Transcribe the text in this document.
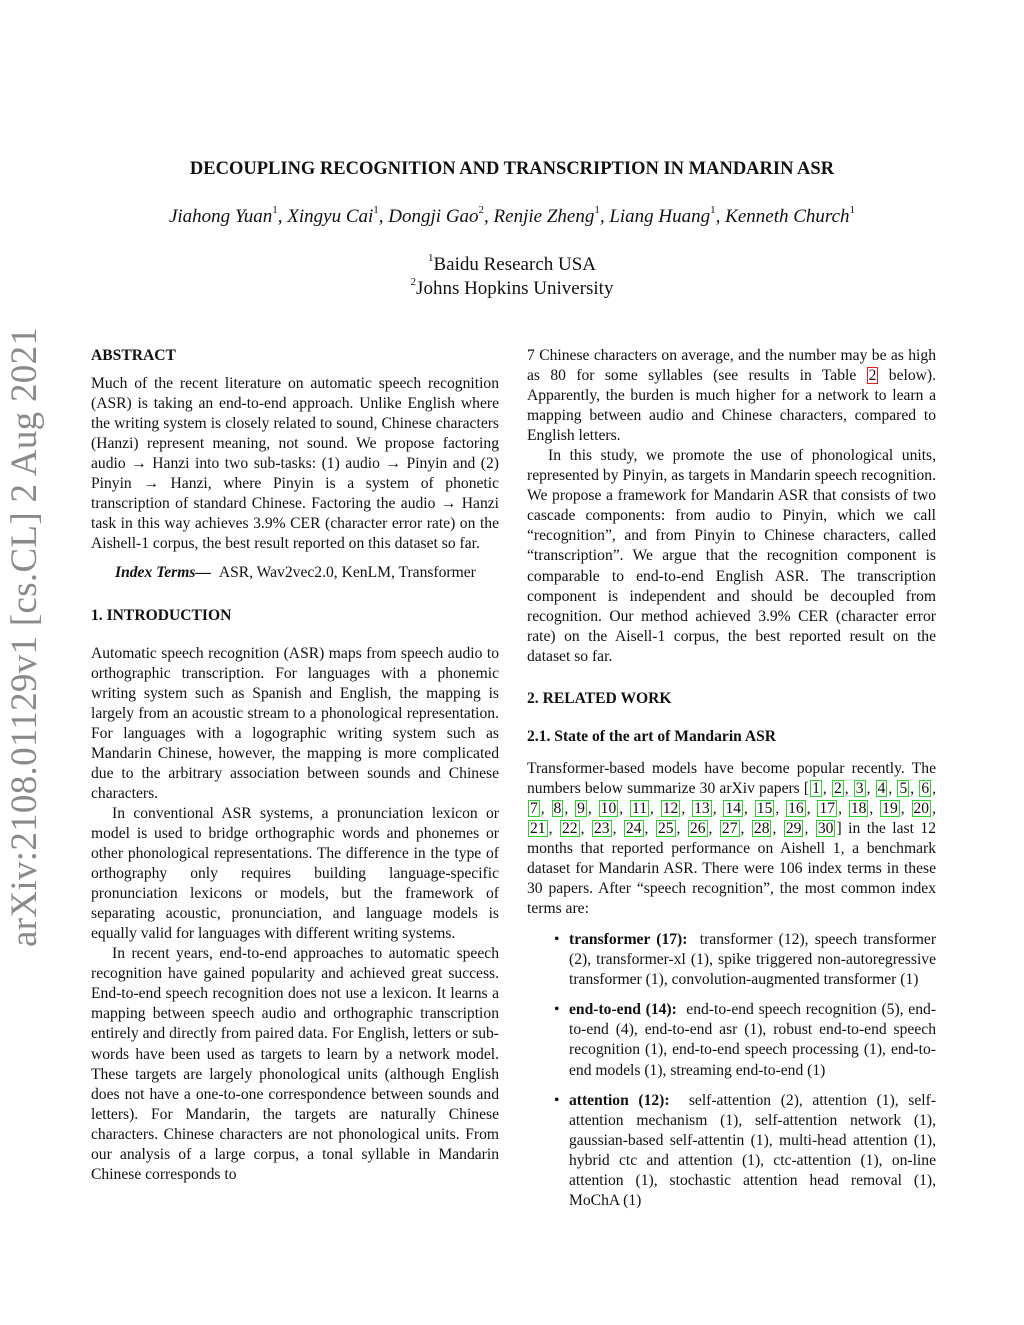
arXiv:2108.01129v1 [cs.CL] 2 Aug 2021
DECOUPLING RECOGNITION AND TRANSCRIPTION IN MANDARIN ASR
Jiahong Yuan$^1$, Xingyu Cai$^1$, Dongji Gao$^2$, Renjie Zheng$^1$, Liang Huang$^1$, Kenneth Church$^1$
$^1$Baidu Research USA
$^2$Johns Hopkins University

ABSTRACT

Much of the recent literature on automatic speech recognition (ASR) is taking an end-to-end approach. Unlike English where the writing system is closely related to sound, Chinese characters (Hanzi) represent meaning, not sound. We propose factoring audio → Hanzi into two sub-tasks: (1) audio → Pinyin and (2) Pinyin → Hanzi, where Pinyin is a system of phonetic transcription of standard Chinese. Factoring the audio → Hanzi task in this way achieves 3.9% CER (character error rate) on the Aishell-1 corpus, the best result reported on this dataset so far.

Index Terms— ASR, Wav2vec2.0, KenLM, Transformer

1. INTRODUCTION

Automatic speech recognition (ASR) maps from speech audio to orthographic transcription. For languages with a phonemic writing system such as Spanish and English, the mapping is largely from an acoustic stream to a phonological representation. For languages with a logographic writing system such as Mandarin Chinese, however, the mapping is more complicated due to the arbitrary association between sounds and Chinese characters.

In conventional ASR systems, a pronunciation lexicon or model is used to bridge orthographic words and phonemes or other phonological representations. The difference in the type of orthography only requires building language-specific pronunciation lexicons or models, but the framework of separating acoustic, pronunciation, and language models is equally valid for languages with different writing systems.

In recent years, end-to-end approaches to automatic speech recognition have gained popularity and achieved great success. End-to-end speech recognition does not use a lexicon. It learns a mapping between speech audio and orthographic transcription entirely and directly from paired data. For English, letters or sub-words have been used as targets to learn by a network model. These targets are largely phonological units (although English does not have a one-to-one correspondence between sounds and letters). For Mandarin, the targets are naturally Chinese characters. Chinese characters are not phonological units. From our analysis of a large corpus, a tonal syllable in Mandarin Chinese corresponds to

7 Chinese characters on average, and the number may be as high as 80 for some syllables (see results in Table 2 below). Apparently, the burden is much higher for a network to learn a mapping between audio and Chinese characters, compared to English letters.

In this study, we promote the use of phonological units, represented by Pinyin, as targets in Mandarin speech recognition. We propose a framework for Mandarin ASR that consists of two cascade components: from audio to Pinyin, which we call “recognition”, and from Pinyin to Chinese characters, called “transcription”. We argue that the recognition component is comparable to end-to-end English ASR. The transcription component is independent and should be decoupled from recognition. Our method achieved 3.9% CER (character error rate) on the Aisell-1 corpus, the best reported result on the dataset so far.

2. RELATED WORK

2.1. State of the art of Mandarin ASR

Transformer-based models have become popular recently. The numbers below summarize 30 arXiv papers [ 1 , 2 , 3 , 4 , 5 , 6 , 7 , 8 , 9 , 10 , 11 , 12 , 13 , 14 , 15 , 16 , 17 , 18 , 19 , 20 , 21 , 22 , 23 , 24 , 25 , 26 , 27 , 28 , 29 , 30 ] in the last 12 months that reported performance on Aishell 1, a benchmark dataset for Mandarin ASR. There were 106 index terms in these 30 papers. After “speech recognition”, the most common index terms are:

• transformer (17): transformer (12), speech transformer (2), transformer-xl (1), spike triggered non-autoregressive transformer (1), convolution-augmented transformer (1)
• end-to-end (14): end-to-end speech recognition (5), end-to-end (4), end-to-end asr (1), robust end-to-end speech recognition (1), end-to-end speech processing (1), end-to-end models (1), streaming end-to-end (1)
• attention (12): self-attention (2), attention (1), self-attention mechanism (1), self-attention network (1), gaussian-based self-attentin (1), multi-head attention (1), hybrid ctc and attention (1), ctc-attention (1), on-line attention (1), stochastic attention head removal (1), MoChA (1)
